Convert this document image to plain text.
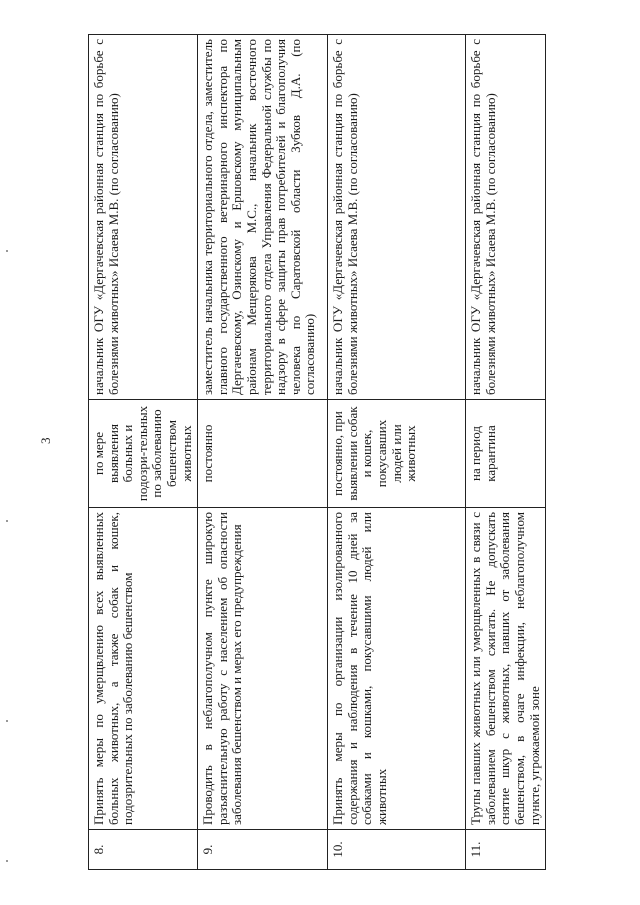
3
8.	Принять меры по умерщвлению всех выявленных больных животных, а также собак и кошек, подозрительных по заболеванию бешенством	по мере выявления больных и подозри-тельных по заболеванию бешенством животных	начальник ОГУ «Дергачевская районная станция по борьбе с болезнями животных» Исаева М.В. (по согласованию)
9.	Проводить в неблагополучном пункте широкую разъяснительную работу с населением об опасности заболевания бешенством и мерах его предупреждения	постоянно	заместитель начальника территориального отдела, заместитель главного государственного ветеринарного инспектора по Дергачевскому, Озинскому и Ершовскому муниципальным районам Мещерякова М.С., начальник восточного территориального отдела Управления Федеральной службы по надзору в сфере защиты прав потребителей и благополучия человека по Саратовской области Зубков Д.А. (по согласованию)
10.	Принять меры по организации изолированного содержания и наблюдения в течение 10 дней за собаками и кошками, покусавшими людей или животных	постоянно, при выявлении собак и кошек, покусавших людей или животных	начальник ОГУ «Дергачевская районная станция по борьбе с болезнями животных» Исаева М.В. (по согласованию)
11.	Трупы павших животных или умерщвленных в связи с заболеванием бешенством сжигать. Не допускать снятие шкур с животных, павших от заболевания бешенством, в очаге инфекции, неблагополучном пункте, угрожаемой зоне	на период карантина	начальник ОГУ «Дергачевская районная станция по борьбе с болезнями животных» Исаева М.В. (по согласованию)
